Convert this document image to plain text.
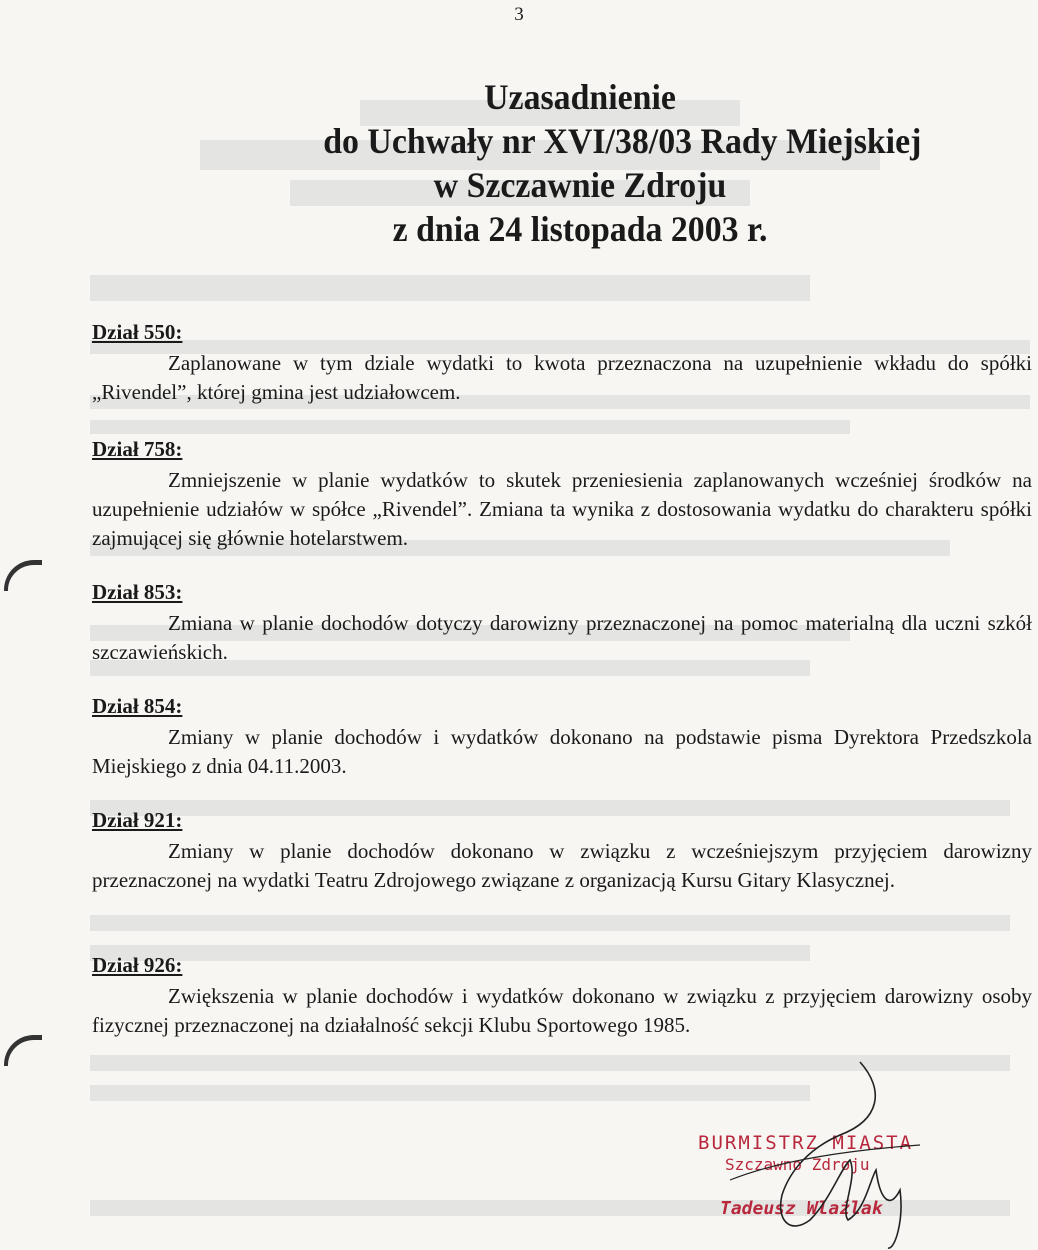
3
Uzasadnienie
do Uchwały nr XVI/38/03 Rady Miejskiej
w Szczawnie Zdroju
z dnia 24 listopada 2003 r.
Dział 550:
Zaplanowane w tym dziale wydatki to kwota przeznaczona na uzupełnienie wkładu do spółki „Rivendel”, której gmina jest udziałowcem.
Dział 758:
Zmniejszenie w planie wydatków to skutek przeniesienia zaplanowanych wcześniej środków na uzupełnienie udziałów w spółce „Rivendel”. Zmiana ta wynika z dostosowania wydatku do charakteru spółki zajmującej się głównie hotelarstwem.
Dział 853:
Zmiana w planie dochodów dotyczy darowizny przeznaczonej na pomoc materialną dla uczni szkół szczawieńskich.
Dział 854:
Zmiany w planie dochodów i wydatków dokonano na podstawie pisma Dyrektora Przedszkola Miejskiego z dnia 04.11.2003.
Dział 921:
Zmiany w planie dochodów dokonano w związku z wcześniejszym przyjęciem darowizny przeznaczonej na wydatki Teatru Zdrojowego związane z organizacją Kursu Gitary Klasycznej.
Dział 926:
Zwiększenia w planie dochodów i wydatków dokonano w związku z przyjęciem darowizny osoby fizycznej przeznaczonej na działalność sekcji Klubu Sportowego 1985.
BURMISTRZ MIASTA
Szczawno Zdroju
Tadeusz Wlaźlak
